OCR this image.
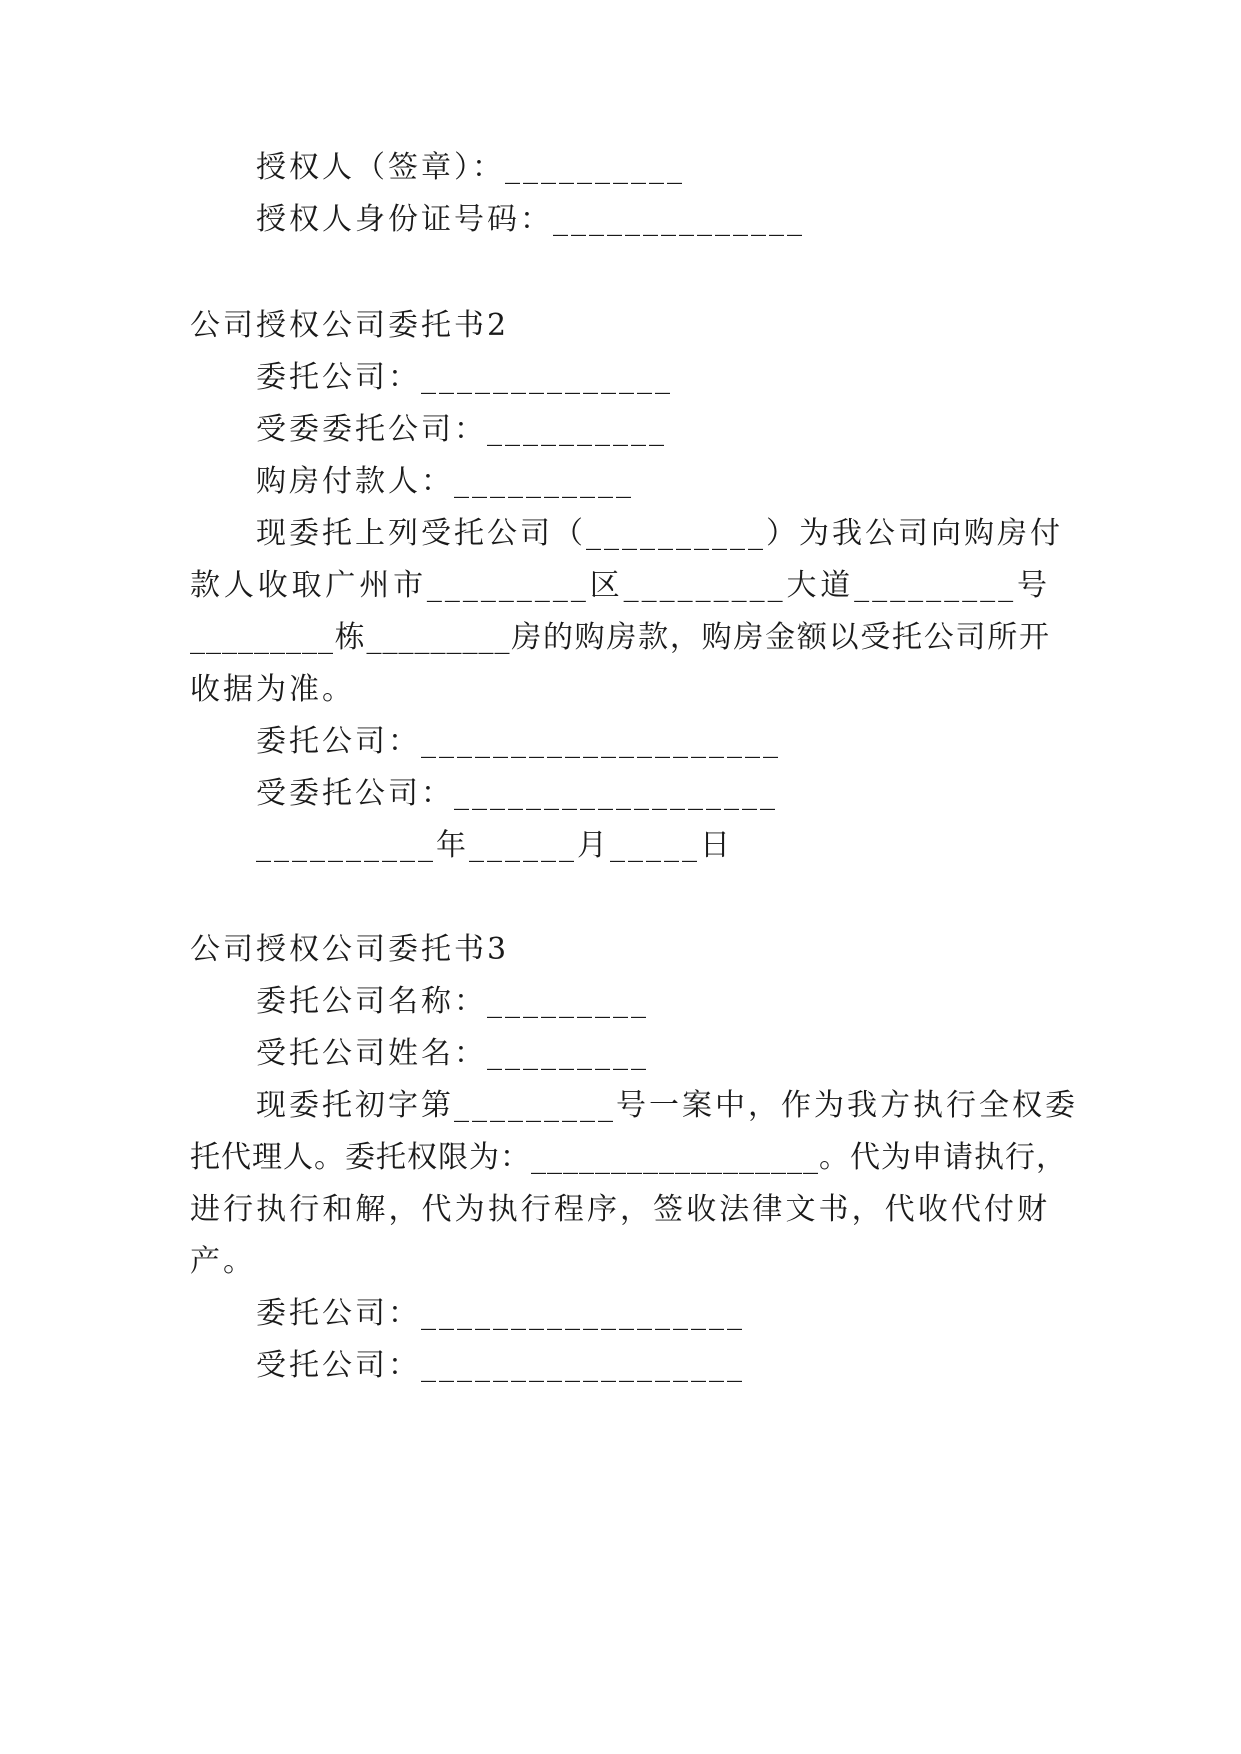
授权人（签章）：__________
授权人身份证号码：______________
公司授权公司委托书2
委托公司：______________
受委委托公司：__________
购房付款人：__________
现委托上列受托公司（__________）为我公司向购房付
款人收取广州市_________区_________大道_________号
_________栋_________房的购房款，购房金额以受托公司所开
收据为准。
委托公司：____________________
受委托公司：__________________
__________年______月_____日
公司授权公司委托书3
委托公司名称：_________
受托公司姓名：_________
现委托初字第_________号一案中，作为我方执行全权委
托代理人。委托权限为：__________________。代为申请执行，
进行执行和解，代为执行程序，签收法律文书，代收代付财
产。
委托公司：__________________
受托公司：__________________
